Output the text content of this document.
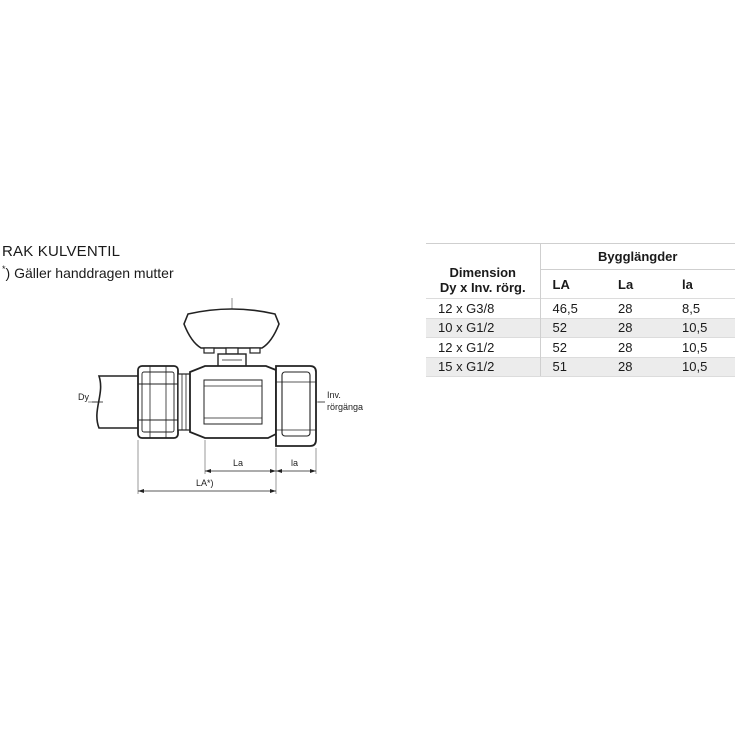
RAK KULVENTIL
*) Gäller handdragen mutter
Dy	Inv.
rörgänga
La	la
LA*)
Dimension
Dy x Inv. rörg.	Bygglängder		
	LA	La	la
12 x G3/8	46,5	28	8,5
10 x G1/2	52	28	10,5
12 x G1/2	52	28	10,5
15 x G1/2	51	28	10,5
